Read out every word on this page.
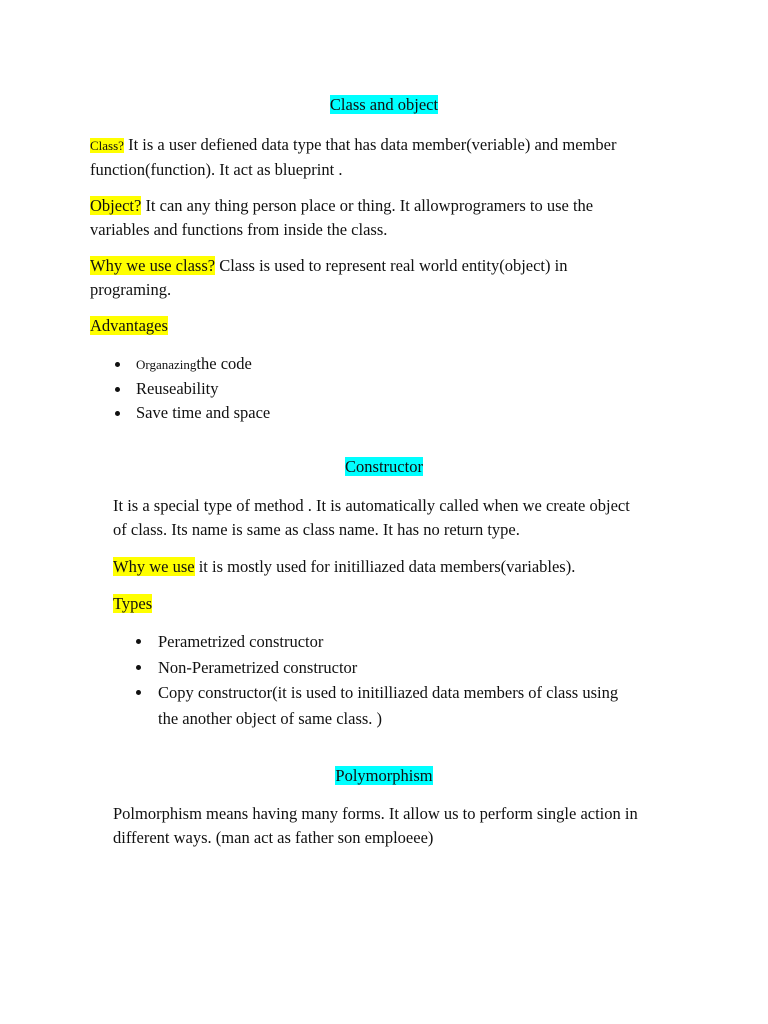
Class and object

Class? It is a user defiened data type that has data member(veriable) and member
function(function). It act as blueprint .

Object? It can any thing person place or thing. It allowprogramers to use the
variables and functions from inside the class.

Why we use class? Class is used to represent real world entity(object) in
programing.

Advantages

Organazingthe code
Reuseability
Save time and space
Constructor

It is a special type of method . It is automatically called when we create object
of class. Its name is same as class name. It has no return type.

Why we use it is mostly used for initilliazed data members(variables).

Types

Perametrized constructor
Non-Perametrized constructor
Copy constructor(it is used to initilliazed data members of class using
the another object of same class. )
Polymorphism

Polmorphism means having many forms. It allow us to perform single action in
different ways. (man act as father son emploeee)
